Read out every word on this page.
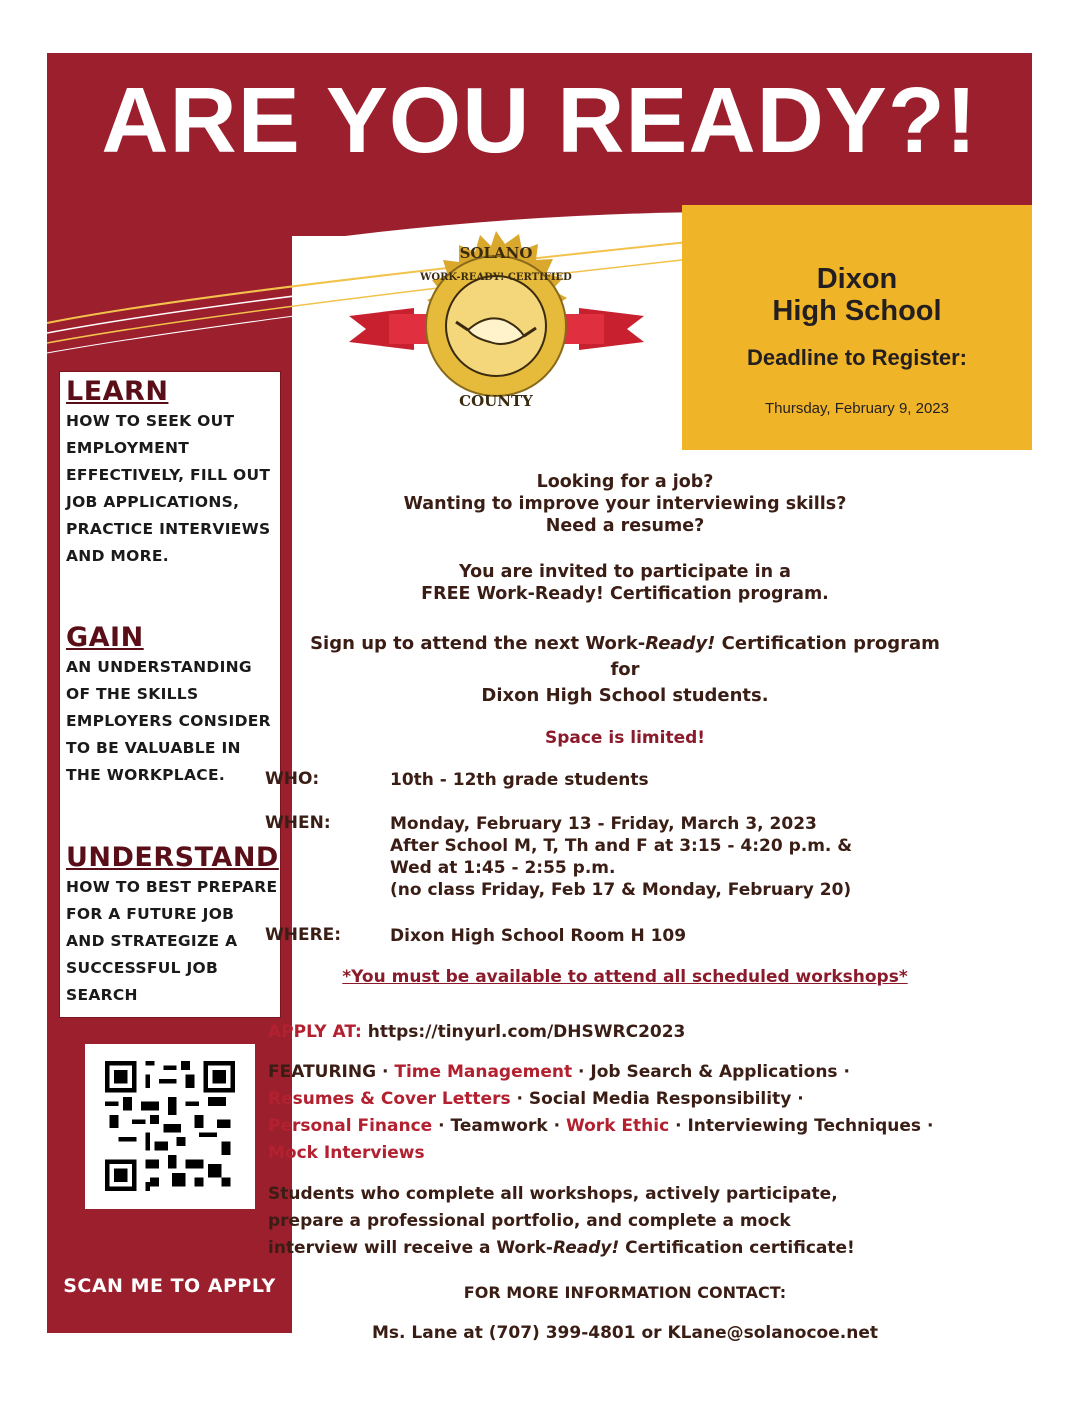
ARE YOU READY?!
Dixon
High School
Deadline to Register:
Thursday, February 9, 2023
SOLANO
COUNTY
WORK-READY! CERTIFIED

LEARN

HOW TO SEEK OUT EMPLOYMENT EFFECTIVELY, FILL OUT JOB APPLICATIONS, PRACTICE INTERVIEWS AND MORE.

GAIN

AN UNDERSTANDING OF THE SKILLS EMPLOYERS CONSIDER TO BE VALUABLE IN THE WORKPLACE.

UNDERSTAND

HOW TO BEST PREPARE FOR A FUTURE JOB AND STRATEGIZE A SUCCESSFUL JOB SEARCH

SCAN ME TO APPLY
Looking for a job?
Wanting to improve your interviewing skills?
Need a resume?
You are invited to participate in a
FREE Work-Ready! Certification program.
Sign up to attend the next Work-Ready! Certification program
for
Dixon High School students.
Space is limited!
WHO:	10th - 12th grade students
WHEN:	Monday, February 13 - Friday, March 3, 2023
After School M, T, Th and F at 3:15 - 4:20 p.m. &
Wed at 1:45 - 2:55 p.m.
(no class Friday, Feb 17 & Monday, February 20)
WHERE:	Dixon High School Room H 109
*You must be available to attend all scheduled workshops*
APPLY AT: https://tinyurl.com/DHSWRC2023
FEATURING · Time Management · Job Search & Applications ·
Resumes & Cover Letters · Social Media Responsibility ·
Personal Finance · Teamwork · Work Ethic · Interviewing Techniques · Mock Interviews
Students who complete all workshops, actively participate,
prepare a professional portfolio, and complete a mock
interview will receive a Work-Ready! Certification certificate!
FOR MORE INFORMATION CONTACT:
Ms. Lane at (707) 399-4801 or KLane@solanocoe.net
